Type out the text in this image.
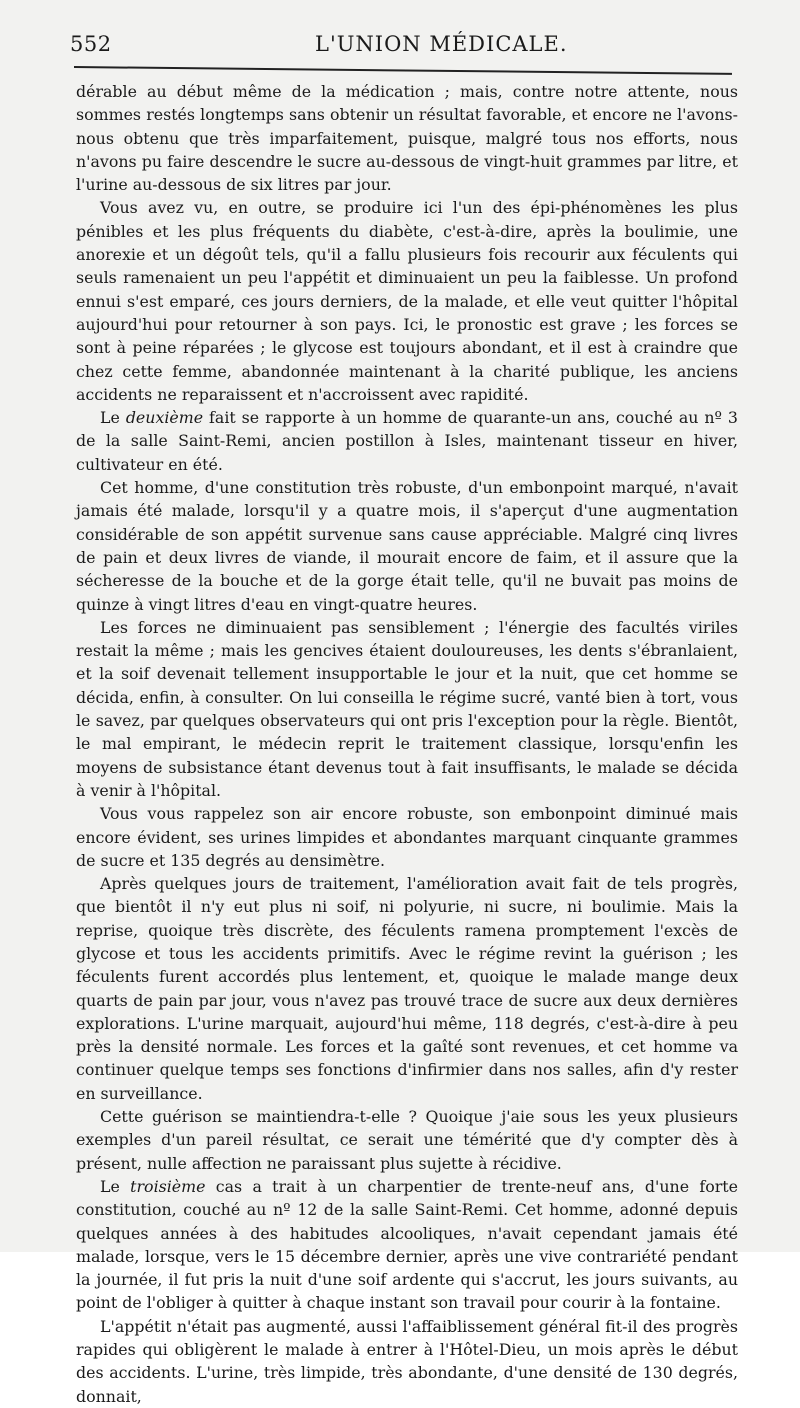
552	L'UNION MÉDICALE.

dérable au début même de la médication ; mais, contre notre attente, nous sommes restés longtemps sans obtenir un résultat favorable, et encore ne l'avons-nous obtenu que très imparfaitement, puisque, malgré tous nos efforts, nous n'avons pu faire descendre le sucre au-dessous de vingt-huit grammes par litre, et l'urine au-dessous de six litres par jour.

Vous avez vu, en outre, se produire ici l'un des épi-phénomènes les plus pénibles et les plus fréquents du diabète, c'est-à-dire, après la boulimie, une anorexie et un dégoût tels, qu'il a fallu plusieurs fois recourir aux féculents qui seuls ramenaient un peu l'appétit et diminuaient un peu la faiblesse. Un profond ennui s'est emparé, ces jours derniers, de la malade, et elle veut quitter l'hôpital aujourd'hui pour retourner à son pays. Ici, le pronostic est grave ; les forces se sont à peine réparées ; le glycose est toujours abondant, et il est à craindre que chez cette femme, abandonnée maintenant à la charité publique, les anciens accidents ne reparaissent et n'accroissent avec rapidité.

Le deuxième fait se rapporte à un homme de quarante-un ans, couché au nº 3 de la salle Saint-Remi, ancien postillon à Isles, maintenant tisseur en hiver, cultivateur en été.

Cet homme, d'une constitution très robuste, d'un embonpoint marqué, n'avait jamais été malade, lorsqu'il y a quatre mois, il s'aperçut d'une augmentation considérable de son appétit survenue sans cause appréciable. Malgré cinq livres de pain et deux livres de viande, il mourait encore de faim, et il assure que la sécheresse de la bouche et de la gorge était telle, qu'il ne buvait pas moins de quinze à vingt litres d'eau en vingt-quatre heures.

Les forces ne diminuaient pas sensiblement ; l'énergie des facultés viriles restait la même ; mais les gencives étaient douloureuses, les dents s'ébranlaient, et la soif devenait tellement insupportable le jour et la nuit, que cet homme se décida, enfin, à consulter. On lui conseilla le régime sucré, vanté bien à tort, vous le savez, par quelques observateurs qui ont pris l'exception pour la règle. Bientôt, le mal empirant, le médecin reprit le traitement classique, lorsqu'enfin les moyens de subsistance étant devenus tout à fait insuffisants, le malade se décida à venir à l'hôpital.

Vous vous rappelez son air encore robuste, son embonpoint diminué mais encore évident, ses urines limpides et abondantes marquant cinquante grammes de sucre et 135 degrés au densimètre.

Après quelques jours de traitement, l'amélioration avait fait de tels progrès, que bientôt il n'y eut plus ni soif, ni polyurie, ni sucre, ni boulimie. Mais la reprise, quoique très discrète, des féculents ramena promptement l'excès de glycose et tous les accidents primitifs. Avec le régime revint la guérison ; les féculents furent accordés plus lentement, et, quoique le malade mange deux quarts de pain par jour, vous n'avez pas trouvé trace de sucre aux deux dernières explorations. L'urine marquait, aujourd'hui même, 118 degrés, c'est-à-dire à peu près la densité normale. Les forces et la gaîté sont revenues, et cet homme va continuer quelque temps ses fonctions d'infirmier dans nos salles, afin d'y rester en surveillance.

Cette guérison se maintiendra-t-elle ? Quoique j'aie sous les yeux plusieurs exemples d'un pareil résultat, ce serait une témérité que d'y compter dès à présent, nulle affection ne paraissant plus sujette à récidive.

Le troisième cas a trait à un charpentier de trente-neuf ans, d'une forte constitution, couché au nº 12 de la salle Saint-Remi. Cet homme, adonné depuis quelques années à des habitudes alcooliques, n'avait cependant jamais été malade, lorsque, vers le 15 décembre dernier, après une vive contrariété pendant la journée, il fut pris la nuit d'une soif ardente qui s'accrut, les jours suivants, au point de l'obliger à quitter à chaque instant son travail pour courir à la fontaine.

L'appétit n'était pas augmenté, aussi l'affaiblissement général fit-il des progrès rapides qui obligèrent le malade à entrer à l'Hôtel-Dieu, un mois après le début des accidents. L'urine, très limpide, très abondante, d'une densité de 130 degrés, donnait,
